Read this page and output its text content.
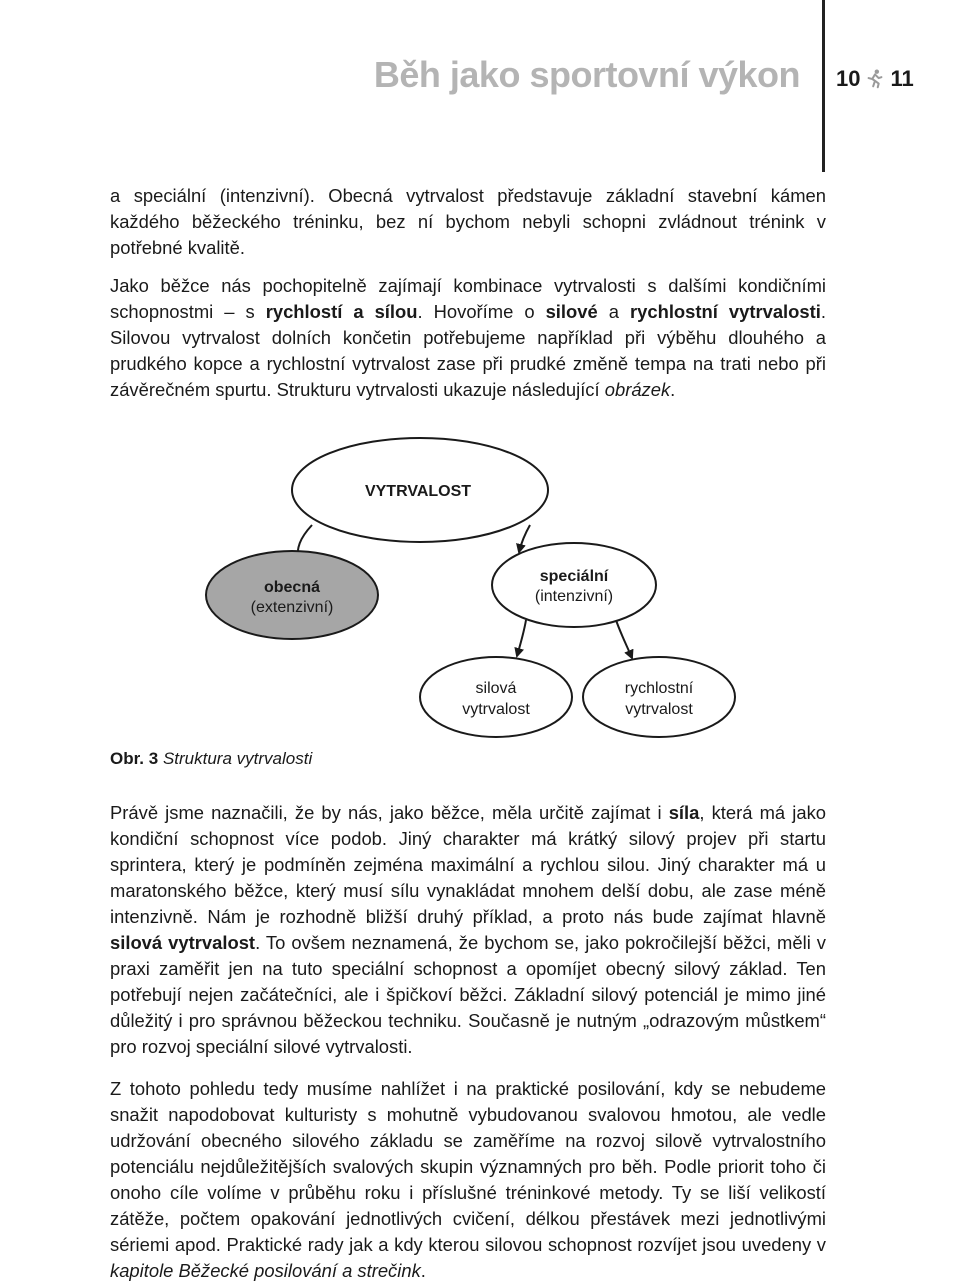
Běh jako sportovní výkon 10 11

a speciální (intenzivní). Obecná vytrvalost představuje základní stavební kámen každého běžeckého tréninku, bez ní bychom nebyli schopni zvládnout trénink v potřebné kvalitě.

Jako běžce nás pochopitelně zajímají kombinace vytrvalosti s dalšími kondičními schopnostmi – s rychlostí a sílou. Hovoříme o silové a rychlostní vytrvalosti. Silovou vytrvalost dolních končetin potřebujeme například při výběhu dlouhého a prudkého kopce a rychlostní vytrvalost zase při prudké změně tempa na trati nebo při závěrečném spurtu. Strukturu vytrvalosti ukazuje následující obrázek.

VYTRVALOST
obecná
(extenzivní)
speciální
(intenzivní)
silová
vytrvalost
rychlostní
vytrvalost
Obr. 3 Struktura vytrvalosti

Právě jsme naznačili, že by nás, jako běžce, měla určitě zajímat i síla, která má jako kondiční schopnost více podob. Jiný charakter má krátký silový projev při startu sprintera, který je podmíněn zejména maximální a rychlou silou. Jiný charakter má u maratonského běžce, který musí sílu vynakládat mnohem delší dobu, ale zase méně intenzivně. Nám je rozhodně bližší druhý příklad, a proto nás bude zajímat hlavně silová vytrvalost. To ovšem neznamená, že bychom se, jako pokročilejší běžci, měli v praxi zaměřit jen na tuto speciální schopnost a opomíjet obecný silový základ. Ten potřebují nejen začátečníci, ale i špičkoví běžci. Základní silový potenciál je mimo jiné důležitý i pro správnou běžeckou techniku. Současně je nutným „odrazovým můstkem“ pro rozvoj speciální silové vytrvalosti.

Z tohoto pohledu tedy musíme nahlížet i na praktické posilování, kdy se nebudeme snažit napodobovat kulturisty s mohutně vybudovanou svalovou hmotou, ale vedle udržování obecného silového základu se zaměříme na rozvoj silově vytrvalostního potenciálu nejdůležitějších svalových skupin významných pro běh. Podle priorit toho či onoho cíle volíme v průběhu roku i příslušné tréninkové metody. Ty se liší velikostí zátěže, počtem opakování jednotlivých cvičení, délkou přestávek mezi jednotlivými sériemi apod. Praktické rady jak a kdy kterou silovou schopnost rozvíjet jsou uvedeny v kapitole Běžecké posilování a strečink.
